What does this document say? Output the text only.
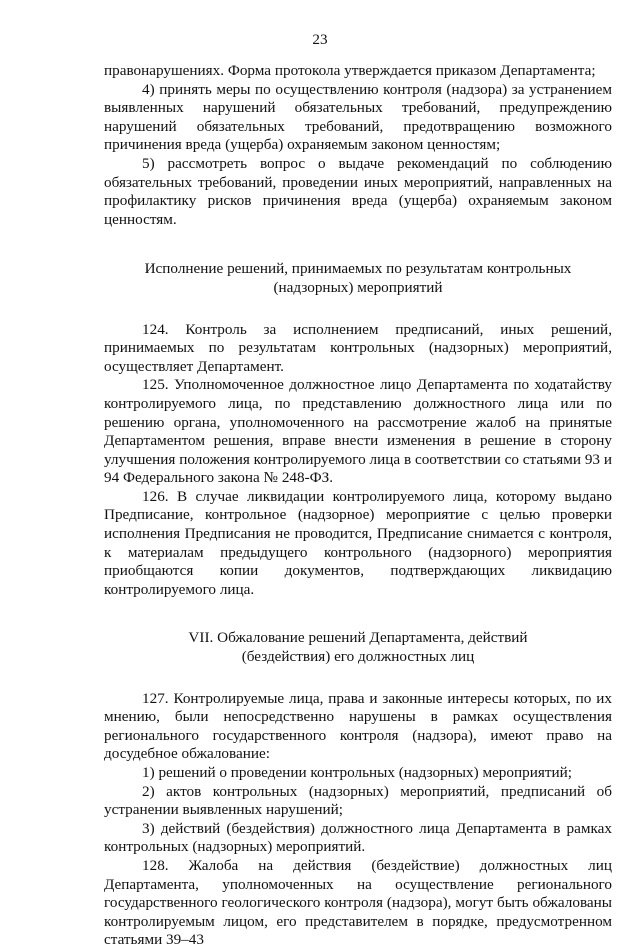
23

правонарушениях. Форма протокола утверждается приказом Департамента;

4) принять меры по осуществлению контроля (надзора) за устранением выявленных нарушений обязательных требований, предупреждению нарушений обязательных требований, предотвращению возможного причинения вреда (ущерба) охраняемым законом ценностям;

5) рассмотреть вопрос о выдаче рекомендаций по соблюдению обязательных требований, проведении иных мероприятий, направленных на профилактику рисков причинения вреда (ущерба) охраняемым законом ценностям.

Исполнение решений, принимаемых по результатам контрольных
(надзорных) мероприятий

124. Контроль за исполнением предписаний, иных решений, принимаемых по результатам контрольных (надзорных) мероприятий, осуществляет Департамент.

125. Уполномоченное должностное лицо Департамента по ходатайству контролируемого лица, по представлению должностного лица или по решению органа, уполномоченного на рассмотрение жалоб на принятые Департаментом решения, вправе внести изменения в решение в сторону улучшения положения контролируемого лица в соответствии со статьями 93 и 94 Федерального закона № 248-ФЗ.

126. В случае ликвидации контролируемого лица, которому выдано Предписание, контрольное (надзорное) мероприятие с целью проверки исполнения Предписания не проводится, Предписание снимается с контроля, к материалам предыдущего контрольного (надзорного) мероприятия приобщаются копии документов, подтверждающих ликвидацию контролируемого лица.

VII. Обжалование решений Департамента, действий
(бездействия) его должностных лиц

127. Контролируемые лица, права и законные интересы которых, по их мнению, были непосредственно нарушены в рамках осуществления регионального государственного контроля (надзора), имеют право на досудебное обжалование:

1) решений о проведении контрольных (надзорных) мероприятий;

2) актов контрольных (надзорных) мероприятий, предписаний об устранении выявленных нарушений;

3) действий (бездействия) должностного лица Департамента в рамках контрольных (надзорных) мероприятий.

128. Жалоба на действия (бездействие) должностных лиц Департамента, уполномоченных на осуществление регионального государственного геологического контроля (надзора), могут быть обжалованы контролируемым лицом, его представителем в порядке, предусмотренном статьями 39–43
